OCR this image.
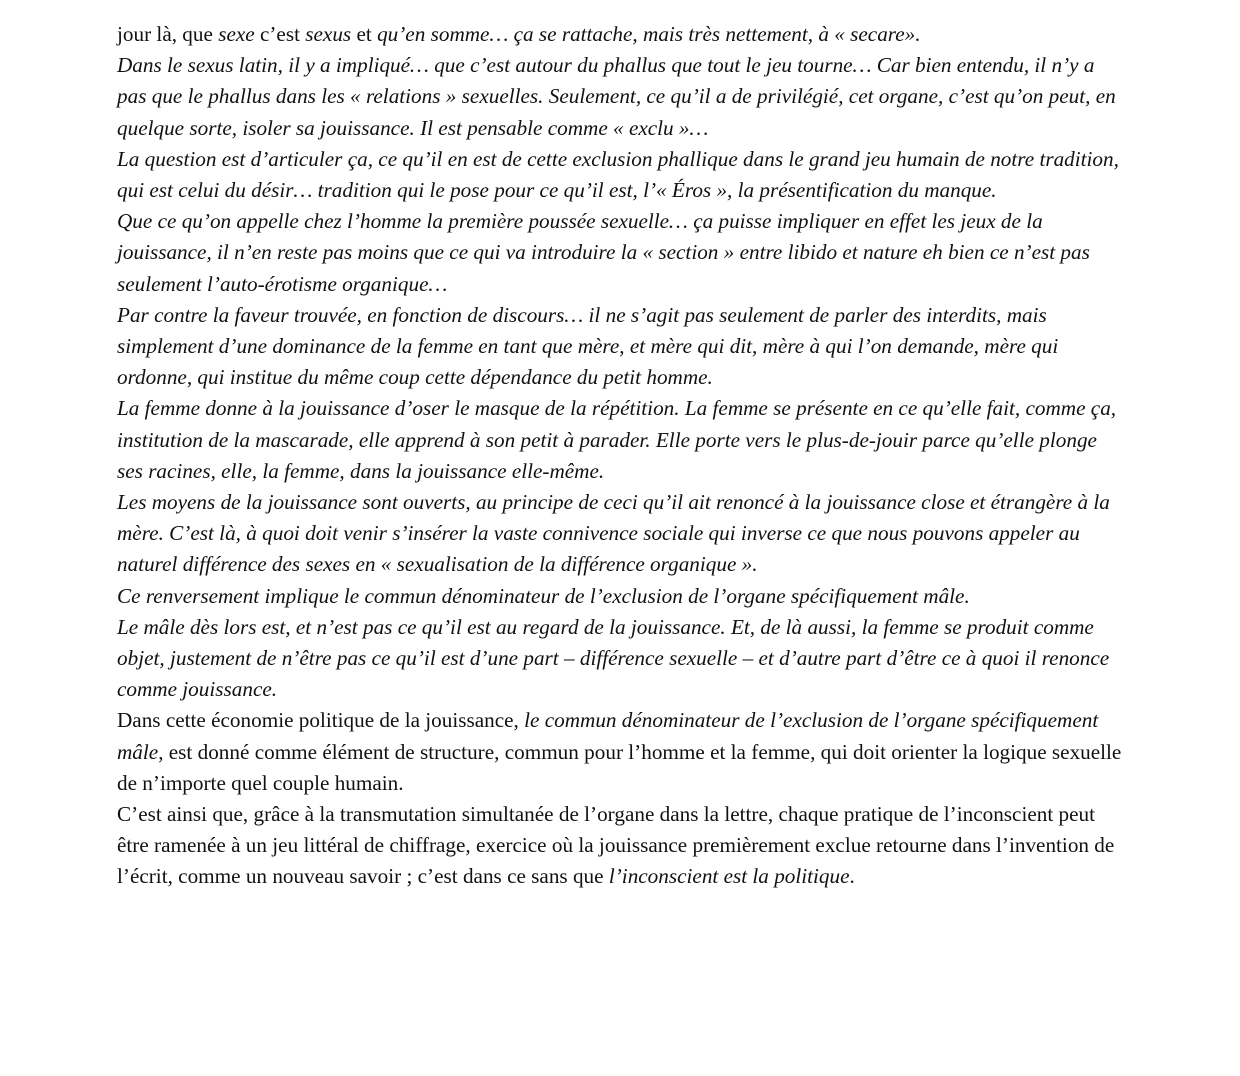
jour là, que sexe c’est sexus et qu’en somme… ça se rattache, mais très nettement, à « secare».

Dans le sexus latin, il y a impliqué… que c’est autour du phallus que tout le jeu tourne… Car bien entendu, il n’y a pas que le phallus dans les « relations » sexuelles. Seulement, ce qu’il a de privilégié, cet organe, c’est qu’on peut, en quelque sorte, isoler sa jouissance. Il est pensable comme « exclu »…

La question est d’articuler ça, ce qu’il en est de cette exclusion phallique dans le grand jeu humain de notre tradition, qui est celui du désir… tradition qui le pose pour ce qu’il est, l’« Éros », la présentification du manque.

Que ce qu’on appelle chez l’homme la première poussée sexuelle… ça puisse impliquer en effet les jeux de la jouissance, il n’en reste pas moins que ce qui va introduire la « section » entre libido et nature eh bien ce n’est pas seulement l’auto-érotisme organique…

Par contre la faveur trouvée, en fonction de discours… il ne s’agit pas seulement de parler des interdits, mais simplement d’une dominance de la femme en tant que mère, et mère qui dit, mère à qui l’on demande, mère qui ordonne, qui institue du même coup cette dépendance du petit homme.

La femme donne à la jouissance d’oser le masque de la répétition. La femme se présente en ce qu’elle fait, comme ça, institution de la mascarade, elle apprend à son petit à parader. Elle porte vers le plus-de-jouir parce qu’elle plonge ses racines, elle, la femme, dans la jouissance elle-même.

Les moyens de la jouissance sont ouverts, au principe de ceci qu’il ait renoncé à la jouissance close et étrangère à la mère. C’est là, à quoi doit venir s’insérer la vaste connivence sociale qui inverse ce que nous pouvons appeler au naturel différence des sexes en « sexualisation de la différence organique ».

Ce renversement implique le commun dénominateur de l’exclusion de l’organe spécifiquement mâle.

Le mâle dès lors est, et n’est pas ce qu’il est au regard de la jouissance. Et, de là aussi, la femme se produit comme objet, justement de n’être pas ce qu’il est d’une part – différence sexuelle – et d’autre part d’être ce à quoi il renonce comme jouissance.

Dans cette économie politique de la jouissance, le commun dénominateur de l’exclusion de l’organe spécifiquement mâle, est donné comme élément de structure, commun pour l’homme et la femme, qui doit orienter la logique sexuelle de n’importe quel couple humain.

C’est ainsi que, grâce à la transmutation simultanée de l’organe dans la lettre, chaque pratique de l’inconscient peut être ramenée à un jeu littéral de chiffrage, exercice où la jouissance premièrement exclue retourne dans l’invention de l’écrit, comme un nouveau savoir ; c’est dans ce sans que l’inconscient est la politique.
